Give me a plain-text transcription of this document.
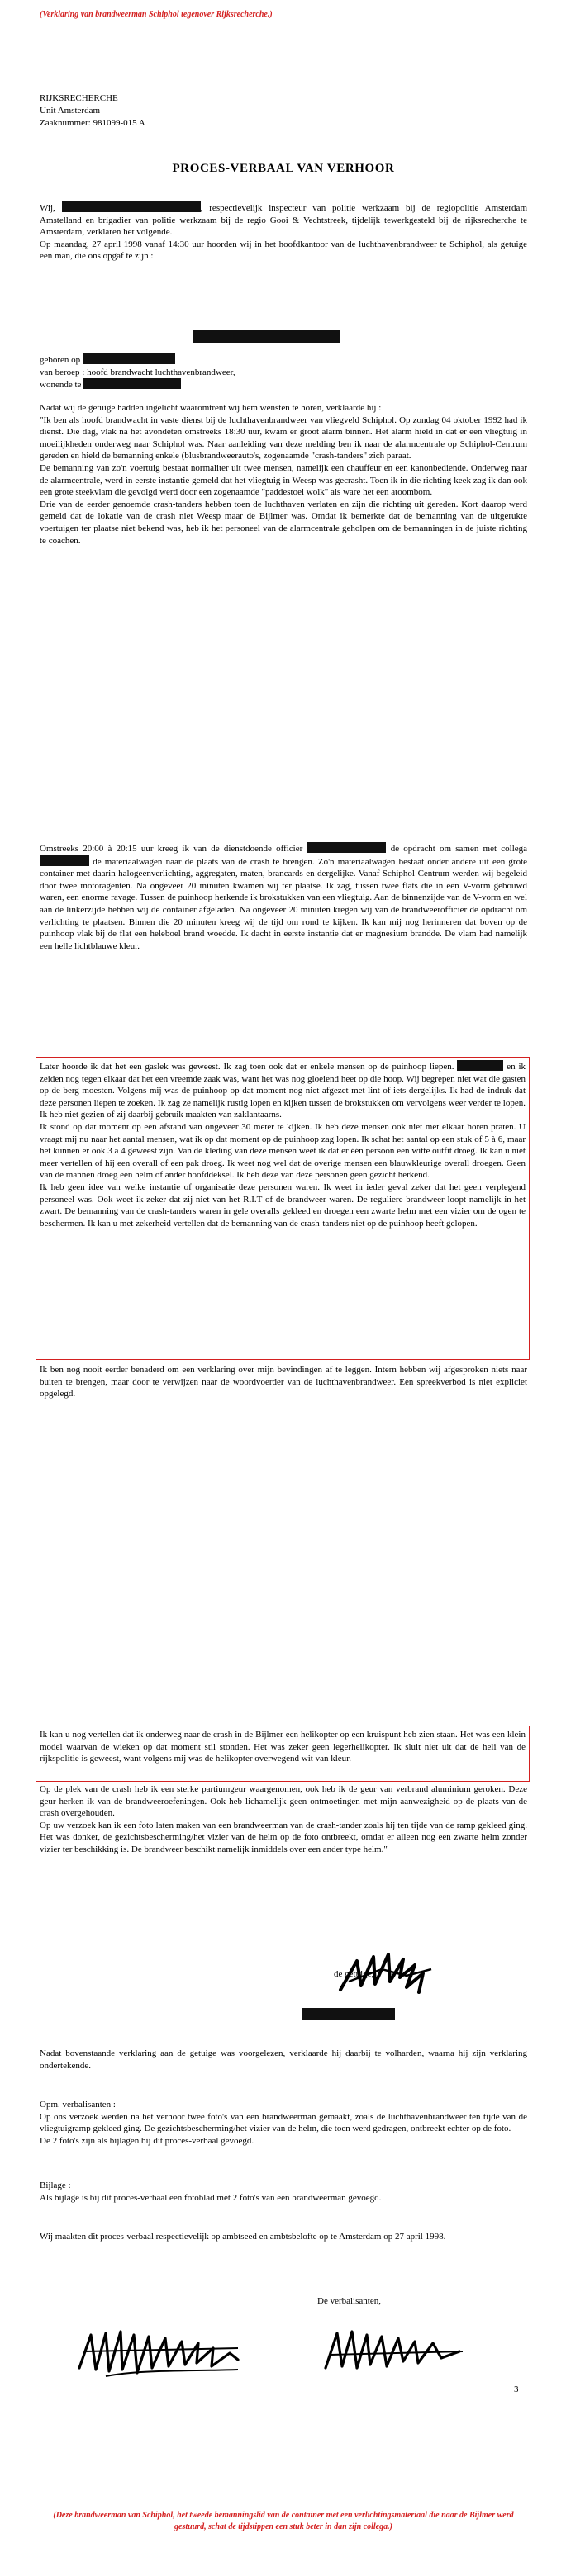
(Verklaring van brandweerman Schiphol tegenover Rijksrecherche.)

RIJKSRECHERCHE
Unit Amsterdam
Zaaknummer: 981099-015 A
PROCES-VERBAAL VAN VERHOOR

Wij,	, respectievelijk inspecteur van politie werkzaam bij de regiopolitie Amsterdam Amstelland en brigadier van politie werkzaam bij de regio Gooi & Vechtstreek, tijdelijk tewerkgesteld bij de rijksrecherche te Amsterdam, verklaren het volgende.

Op maandag, 27 april 1998 vanaf 14:30 uur hoorden wij in het hoofdkantoor van de luchthavenbrandweer te Schiphol, als getuige een man, die ons opgaf te zijn :

geboren op

van beroep : hoofd brandwacht luchthavenbrandweer,

wonende te

Nadat wij de getuige hadden ingelicht waaromtrent wij hem wensten te horen, verklaarde hij :

"Ik ben als hoofd brandwacht in vaste dienst bij de luchthavenbrandweer van vliegveld Schiphol. Op zondag 04 oktober 1992 had ik dienst. Die dag, vlak na het avondeten omstreeks 18:30 uur, kwam er groot alarm binnen. Het alarm hield in dat er een vliegtuig in moeilijkheden onderweg naar Schiphol was. Naar aanleiding van deze melding ben ik naar de alarmcentrale op Schiphol-Centrum gereden en hield de bemanning enkele (blusbrandweerauto's, zogenaamde "crash-tanders" zich paraat.

De bemanning van zo'n voertuig bestaat normaliter uit twee mensen, namelijk een chauffeur en een kanonbediende. Onderweg naar de alarmcentrale, werd in eerste instantie gemeld dat het vliegtuig in Weesp was gecrasht. Toen ik in die richting keek zag ik dan ook een grote steekvlam die gevolgd werd door een zogenaamde "paddestoel wolk" als ware het een atoombom.

Drie van de eerder genoemde crash-tanders hebben toen de luchthaven verlaten en zijn die richting uit gereden. Kort daarop werd gemeld dat de lokatie van de crash niet Weesp maar de Bijlmer was. Omdat ik bemerkte dat de bemanning van de uitgerukte voertuigen ter plaatse niet bekend was, heb ik het personeel van de alarmcentrale geholpen om de bemanningen in de juiste richting te coachen.

Omstreeks 20:00 à 20:15 uur kreeg ik van de dienstdoende officier	de opdracht om samen met collega  de materiaalwagen naar de plaats van de crash te brengen. Zo'n materiaalwagen bestaat onder andere uit een grote container met daarin halogeenverlichting, aggregaten, maten, brancards en dergelijke. Vanaf Schiphol-Centrum werden wij begeleid door twee motoragenten. Na ongeveer 20 minuten kwamen wij ter plaatse. Ik zag, tussen twee flats die in een V-vorm gebouwd waren, een enorme ravage. Tussen de puinhoop herkende ik brokstukken van een vliegtuig. Aan de binnenzijde van de V-vorm en wel aan de linkerzijde hebben wij de container afgeladen. Na ongeveer 20 minuten kregen wij van de brandweerofficier de opdracht om verlichting te plaatsen. Binnen die 20 minuten kreeg wij de tijd om rond te kijken. Ik kan mij nog herinneren dat boven op de puinhoop vlak bij de flat een heleboel brand woedde. Ik dacht in eerste instantie dat er magnesium brandde. De vlam had namelijk een helle lichtblauwe kleur.

Later hoorde ik dat het een gaslek was geweest. Ik zag toen ook dat er enkele mensen op de puinhoop liepen.	en ik zeiden nog tegen elkaar dat het een vreemde zaak was, want het was nog gloeiend heet op die hoop. Wij begrepen niet wat die gasten op de berg moesten. Volgens mij was de puinhoop op dat moment nog niet afgezet met lint of iets dergelijks. Ik had de indruk dat deze personen liepen te zoeken. Ik zag ze namelijk rustig lopen en kijken tussen de brokstukken om vervolgens weer verder te lopen. Ik heb niet gezien of zij daarbij gebruik maakten van zaklantaarns.

Ik stond op dat moment op een afstand van ongeveer 30 meter te kijken. Ik heb deze mensen ook niet met elkaar horen praten. U vraagt mij nu naar het aantal mensen, wat ik op dat moment op de puinhoop zag lopen. Ik schat het aantal op een stuk of 5 à 6, maar het kunnen er ook 3 a 4 geweest zijn. Van de kleding van deze mensen weet ik dat er één persoon een witte outfit droeg. Ik kan u niet meer vertellen of hij een overall of een pak droeg. Ik weet nog wel dat de overige mensen een blauwkleurige overall droegen. Geen van de mannen droeg een helm of ander hoofddeksel. Ik heb deze van deze personen geen gezicht herkend.

Ik heb geen idee van welke instantie of organisatie deze personen waren. Ik weet in ieder geval zeker dat het geen verplegend personeel was. Ook weet ik zeker dat zij niet van het R.I.T of de brandweer waren. De reguliere brandweer loopt namelijk in het zwart. De bemanning van de crash-tanders waren in gele overalls gekleed en droegen een zwarte helm met een vizier om de ogen te beschermen. Ik kan u met zekerheid vertellen dat de bemanning van de crash-tanders niet op de puinhoop heeft gelopen.

Ik ben nog nooit eerder benaderd om een verklaring over mijn bevindingen af te leggen. Intern hebben wij afgesproken niets naar buiten te brengen, maar door te verwijzen naar de woordvoerder van de luchthavenbrandweer. Een spreekverbod is niet expliciet opgelegd.

Ik kan u nog vertellen dat ik onderweg naar de crash in de Bijlmer een helikopter op een kruispunt heb zien staan. Het was een klein model waarvan de wieken op dat moment stil stonden. Het was zeker geen legerhelikopter. Ik sluit niet uit dat de heli van de rijkspolitie is geweest, want volgens mij was de helikopter overwegend wit van kleur.

Op de plek van de crash heb ik een sterke partiumgeur waargenomen, ook heb ik de geur van verbrand aluminium geroken. Deze geur herken ik van de brandweeroefeningen. Ook heb lichamelijk geen ontmoetingen met mijn aanwezigheid op de plaats van de crash overgehouden.

Op uw verzoek kan ik een foto laten maken van een brandweerman van de crash-tander zoals hij ten tijde van de ramp gekleed ging. Het was donker, de gezichtsbescherming/het vizier van de helm op de foto ontbreekt, omdat er alleen nog een zwarte helm zonder vizier ter beschikking is. De brandweer beschikt namelijk inmiddels over een ander type helm."

de getuige,

Nadat bovenstaande verklaring aan de getuige was voorgelezen, verklaarde hij daarbij te volharden, waarna hij zijn verklaring ondertekende.

Opm. verbalisanten :

Op ons verzoek werden na het verhoor twee foto's van een brandweerman gemaakt, zoals de luchthavenbrandweer ten tijde van de vliegtuigramp gekleed ging. De gezichtsbescherming/het vizier van de helm, die toen werd gedragen, ontbreekt echter op de foto.

De 2 foto's zijn als bijlagen bij dit proces-verbaal gevoegd.

Bijlage :

Als bijlage is bij dit proces-verbaal een fotoblad met 2 foto's van een brandweerman gevoegd.

Wij maakten dit proces-verbaal respectievelijk op ambtseed en ambtsbelofte op te Amsterdam op 27 april 1998.

De verbalisanten,
3

(Deze brandweerman van Schiphol, het tweede bemanningslid van de container met een verlichtingsmateriaal die naar de Bijlmer werd gestuurd, schat de tijdstippen een stuk beter in dan zijn collega.)
